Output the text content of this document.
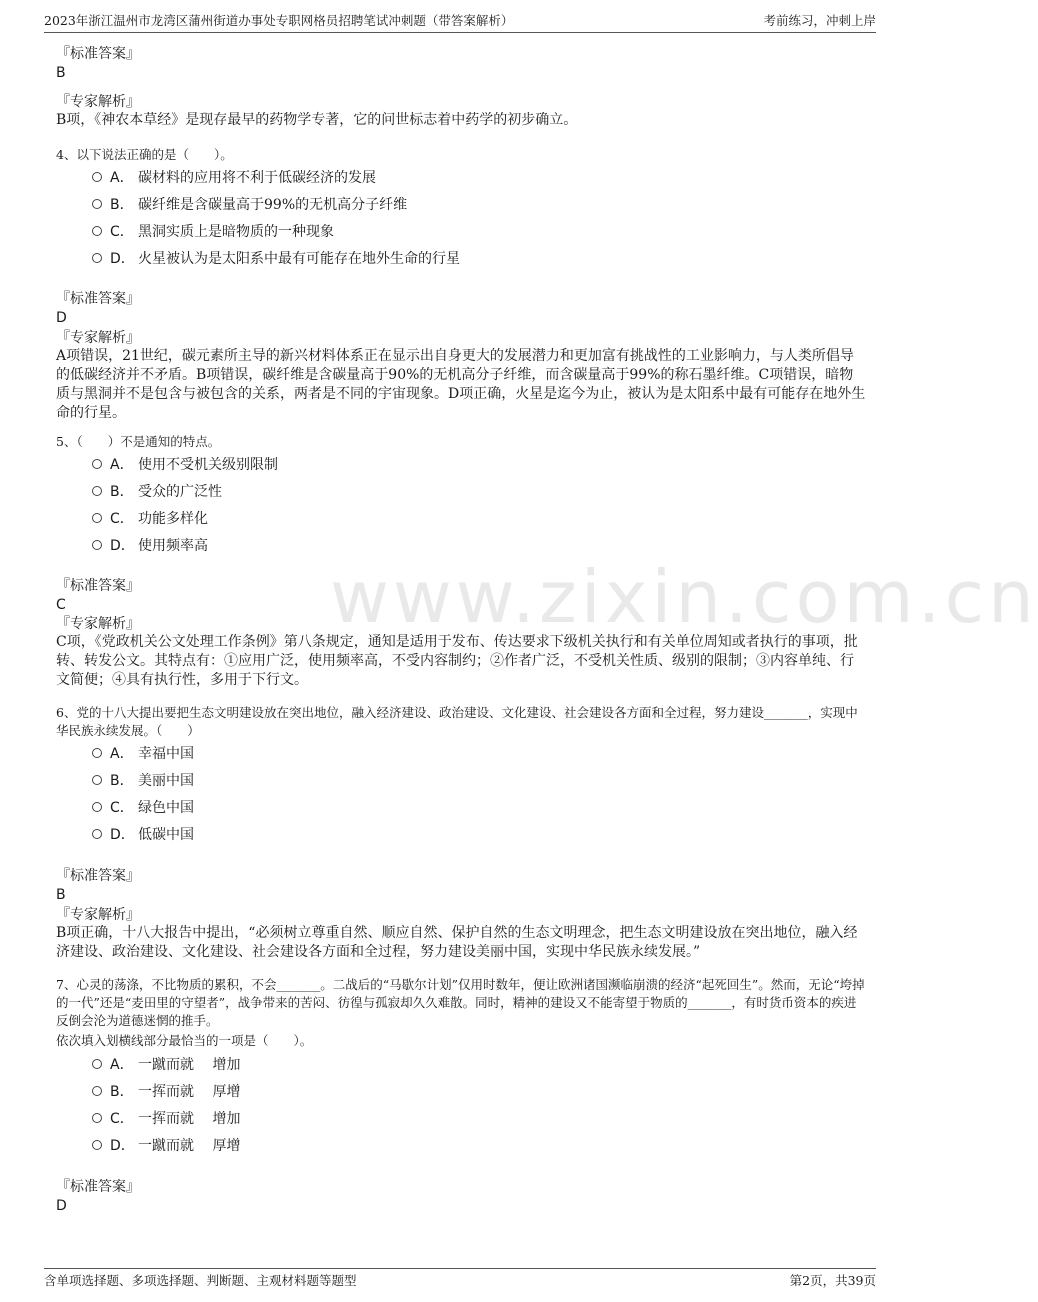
2023年浙江温州市龙湾区蒲州街道办事处专职网格员招聘笔试冲刺题（带答案解析）	考前练习，冲刺上岸
www.zixin.com.cn
『标准答案』
B
『专家解析』
B项，《神农本草经》是现存最早的药物学专著，它的问世标志着中药学的初步确立。
4、以下说法正确的是（　　）。
A． 碳材料的应用将不利于低碳经济的发展
B． 碳纤维是含碳量高于99%的无机高分子纤维
C． 黑洞实质上是暗物质的一种现象
D． 火星被认为是太阳系中最有可能存在地外生命的行星
『标准答案』
D
『专家解析』
A项错误，21世纪，碳元素所主导的新兴材料体系正在显示出自身更大的发展潜力和更加富有挑战性的工业影响力，与人类所倡导的低碳经济并不矛盾。B项错误，碳纤维是含碳量高于90%的无机高分子纤维，而含碳量高于99%的称石墨纤维。C项错误，暗物质与黑洞并不是包含与被包含的关系，两者是不同的宇宙现象。D项正确，火星是迄今为止，被认为是太阳系中最有可能存在地外生命的行星。
5、（　　）不是通知的特点。
A． 使用不受机关级别限制
B． 受众的广泛性
C． 功能多样化
D． 使用频率高
『标准答案』
C
『专家解析』
C项，《党政机关公文处理工作条例》第八条规定，通知是适用于发布、传达要求下级机关执行和有关单位周知或者执行的事项，批转、转发公文。其特点有：①应用广泛，使用频率高，不受内容制约；②作者广泛，不受机关性质、级别的限制；③内容单纯、行文简便；④具有执行性，多用于下行文。
6、党的十八大提出要把生态文明建设放在突出地位，融入经济建设、政治建设、文化建设、社会建设各方面和全过程，努力建设_______，实现中华民族永续发展。（　　）
A． 幸福中国
B． 美丽中国
C． 绿色中国
D． 低碳中国
『标准答案』
B
『专家解析』
B项正确，十八大报告中提出，“必须树立尊重自然、顺应自然、保护自然的生态文明理念，把生态文明建设放在突出地位，融入经济建设、政治建设、文化建设、社会建设各方面和全过程，努力建设美丽中国，实现中华民族永续发展。”
7、心灵的荡涤，不比物质的累积，不会_______。二战后的“马歇尔计划”仅用时数年，便让欧洲诸国濒临崩溃的经济“起死回生”。然而，无论“垮掉的一代”还是“麦田里的守望者”，战争带来的苦闷、彷徨与孤寂却久久难散。同时，精神的建设又不能寄望于物质的_______，有时货币资本的疾进反倒会沦为道德迷惘的推手。
依次填入划横线部分最恰当的一项是（　　）。
A． 一蹴而就　 增加
B． 一挥而就　 厚增
C． 一挥而就　 增加
D． 一蹴而就　 厚增
『标准答案』
D
含单项选择题、多项选择题、判断题、主观材料题等题型	第2页，共39页
